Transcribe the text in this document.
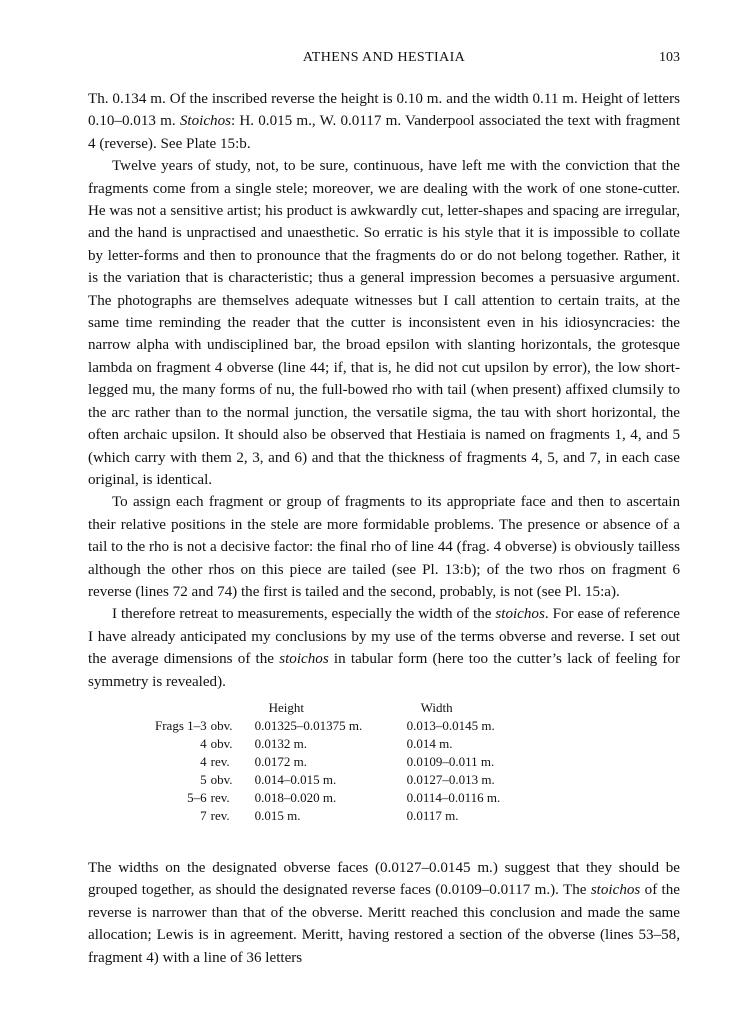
ATHENS AND HESTIAIA	103

Th. 0.134 m. Of the inscribed reverse the height is 0.10 m. and the width 0.11 m. Height of letters 0.10–0.013 m. Stoichos: H. 0.015 m., W. 0.0117 m. Vanderpool associated the text with fragment 4 (reverse). See Plate 15:b.

Twelve years of study, not, to be sure, continuous, have left me with the conviction that the fragments come from a single stele; moreover, we are dealing with the work of one stone-cutter. He was not a sensitive artist; his product is awkwardly cut, letter-shapes and spacing are irregular, and the hand is unpractised and unaesthetic. So erratic is his style that it is impossible to collate by letter-forms and then to pronounce that the fragments do or do not belong together. Rather, it is the variation that is characteristic; thus a general impression becomes a persuasive argument. The photographs are themselves adequate witnesses but I call attention to certain traits, at the same time reminding the reader that the cutter is inconsistent even in his idiosyncracies: the narrow alpha with undisciplined bar, the broad epsilon with slanting horizontals, the grotesque lambda on fragment 4 obverse (line 44; if, that is, he did not cut upsilon by error), the low short-legged mu, the many forms of nu, the full-bowed rho with tail (when present) affixed clumsily to the arc rather than to the normal junction, the versatile sigma, the tau with short horizontal, the often archaic upsilon. It should also be observed that Hestiaia is named on fragments 1, 4, and 5 (which carry with them 2, 3, and 6) and that the thickness of fragments 4, 5, and 7, in each case original, is identical.

To assign each fragment or group of fragments to its appropriate face and then to ascertain their relative positions in the stele are more formidable problems. The presence or absence of a tail to the rho is not a decisive factor: the final rho of line 44 (frag. 4 obverse) is obviously tailless although the other rhos on this piece are tailed (see Pl. 13:b); of the two rhos on fragment 6 reverse (lines 72 and 74) the first is tailed and the second, probably, is not (see Pl. 15:a).

I therefore retreat to measurements, especially the width of the stoichos. For ease of reference I have already anticipated my conclusions by my use of the terms obverse and reverse. I set out the average dimensions of the stoichos in tabular form (here too the cutter’s lack of feeling for symmetry is revealed).

		Height	Width
Frags 1–3	obv.	0.01325–0.01375 m.	0.013–0.0145 m.
4	obv.	0.0132 m.	0.014 m.
4	rev.	0.0172 m.	0.0109–0.011 m.
5	obv.	0.014–0.015 m.	0.0127–0.013 m.
5–6	rev.	0.018–0.020 m.	0.0114–0.0116 m.
7	rev.	0.015 m.	0.0117 m.

The widths on the designated obverse faces (0.0127–0.0145 m.) suggest that they should be grouped together, as should the designated reverse faces (0.0109–0.0117 m.). The stoichos of the reverse is narrower than that of the obverse. Meritt reached this conclusion and made the same allocation; Lewis is in agreement. Meritt, having restored a section of the obverse (lines 53–58, fragment 4) with a line of 36 letters
